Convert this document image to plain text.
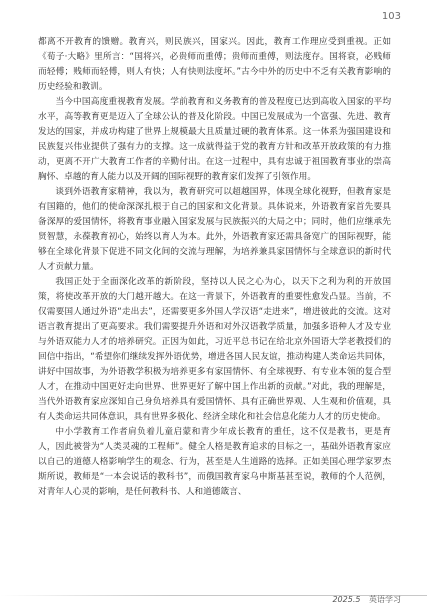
103

都离不开教育的馈赠。教育兴，则民族兴，国家兴。因此，教育工作理应受到重视。正如《荀子·大略》里所言：“国将兴，必贵师而重傅；贵师而重傅，则法度存。国将衰，必贱师而轻傅；贱师而轻傅，则人有快；人有快则法度坏。”古今中外的历史中不乏有关教育影响的历史经验和教训。

当今中国高度重视教育发展。学前教育和义务教育的普及程度已达到高收入国家的平均水平，高等教育更是迈入了全球公认的普及化阶段。中国已发展成为一个富强、先进、教育发达的国家，并成功构建了世界上规模最大且质量过硬的教育体系。这一体系为强国建设和民族复兴伟业提供了强有力的支撑。这一成就得益于党的教育方针和改革开放政策的有力推动，更离不开广大教育工作者的辛勤付出。在这一过程中，具有忠诚于祖国教育事业的崇高胸怀、卓越的育人能力以及开阔的国际视野的教育家们发挥了引领作用。

谈到外语教育家精神，我以为，教育研究可以超越国界，体现全球化视野，但教育家是有国籍的，他们的使命深深扎根于自己的国家和文化背景。具体说来，外语教育家首先要具备深厚的爱国情怀，将教育事业融入国家发展与民族振兴的大局之中；同时，他们应继承先贤智慧，永葆教育初心，始终以育人为本。此外，外语教育家还需具备宽广的国际视野，能够在全球化背景下促进不同文化间的交流与理解，为培养兼具家国情怀与全球意识的新时代人才贡献力量。

我国正处于全面深化改革的新阶段，坚持以人民之心为心，以天下之利为利的开放国策，将使改革开放的大门越开越大。在这一背景下，外语教育的重要性愈发凸显。当前，不仅需要国人通过外语“走出去”，还需要更多外国人学汉语“走进来”，增进彼此的交流。这对语言教育提出了更高要求。我们需要提升外语和对外汉语教学质量，加强多语种人才及专业与外语双能力人才的培养研究。正因为如此，习近平总书记在给北京外国语大学老教授们的回信中指出，“希望你们继续发挥外语优势，增进各国人民友谊，推动构建人类命运共同体，讲好中国故事，为外语教学积极为培养更多有家国情怀、有全球视野、有专业本领的复合型人才，在推动中国更好走向世界、世界更好了解中国上作出新的贡献。”对此，我的理解是，当代外语教育家应深知自己身负培养具有爱国情怀、具有正确世界观、人生观和价值观，具有人类命运共同体意识，具有世界多极化、经济全球化和社会信息化能力人才的历史使命。

中小学教育工作者肩负着儿童启蒙和青少年成长教育的重任，这不仅是教书，更是育人，因此被誉为“人类灵魂的工程师”。健全人格是教育追求的目标之一，基础外语教育家应以自己的道德人格影响学生的观念、行为，甚至是人生道路的选择。正如美国心理学家罗杰斯所说，教师是“一本会说话的教科书”，而俄国教育家乌申斯基甚至说，教师的个人范例，对青年人心灵的影响，是任何教科书、人和道德箴言、

2025.5 英语学习
